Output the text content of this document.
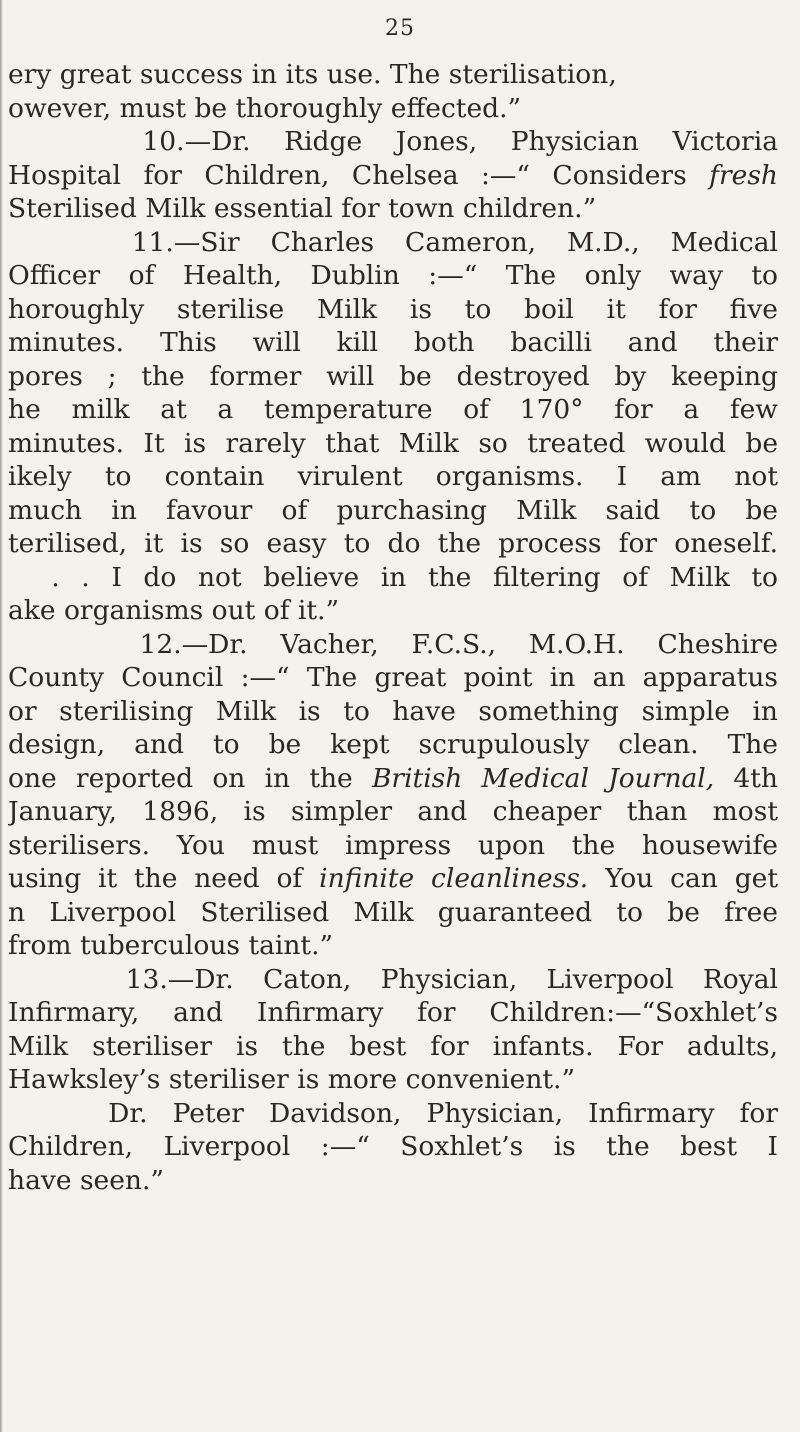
25
ery great success in its use. The sterilisation,
owever, must be thoroughly effected.”
10.—Dr. Ridge Jones, Physician Victoria
Hospital for Children, Chelsea :—“ Considers fresh
Sterilised Milk essential for town children.”
11.—Sir Charles Cameron, M.D., Medical
Officer of Health, Dublin :—“ The only way to
horoughly sterilise Milk is to boil it for five
minutes. This will kill both bacilli and their
pores ; the former will be destroyed by keeping
he milk at a temperature of 170° for a few
minutes. It is rarely that Milk so treated would be
ikely to contain virulent organisms. I am not
much in favour of purchasing Milk said to be
terilised, it is so easy to do the process for oneself.
. . I do not believe in the filtering of Milk to
ake organisms out of it.”
12.—Dr. Vacher, F.C.S., M.O.H. Cheshire
County Council :—“ The great point in an apparatus
or sterilising Milk is to have something simple in
design, and to be kept scrupulously clean. The
one reported on in the British Medical Journal, 4th
January, 1896, is simpler and cheaper than most
sterilisers. You must impress upon the housewife
using it the need of infinite cleanliness. You can get
n Liverpool Sterilised Milk guaranteed to be free
from tuberculous taint.”
13.—Dr. Caton, Physician, Liverpool Royal
Infirmary, and Infirmary for Children:—“Soxhlet’s
Milk steriliser is the best for infants. For adults,
Hawksley’s steriliser is more convenient.”
Dr. Peter Davidson, Physician, Infirmary for
Children, Liverpool :—“ Soxhlet’s is the best I
have seen.”
